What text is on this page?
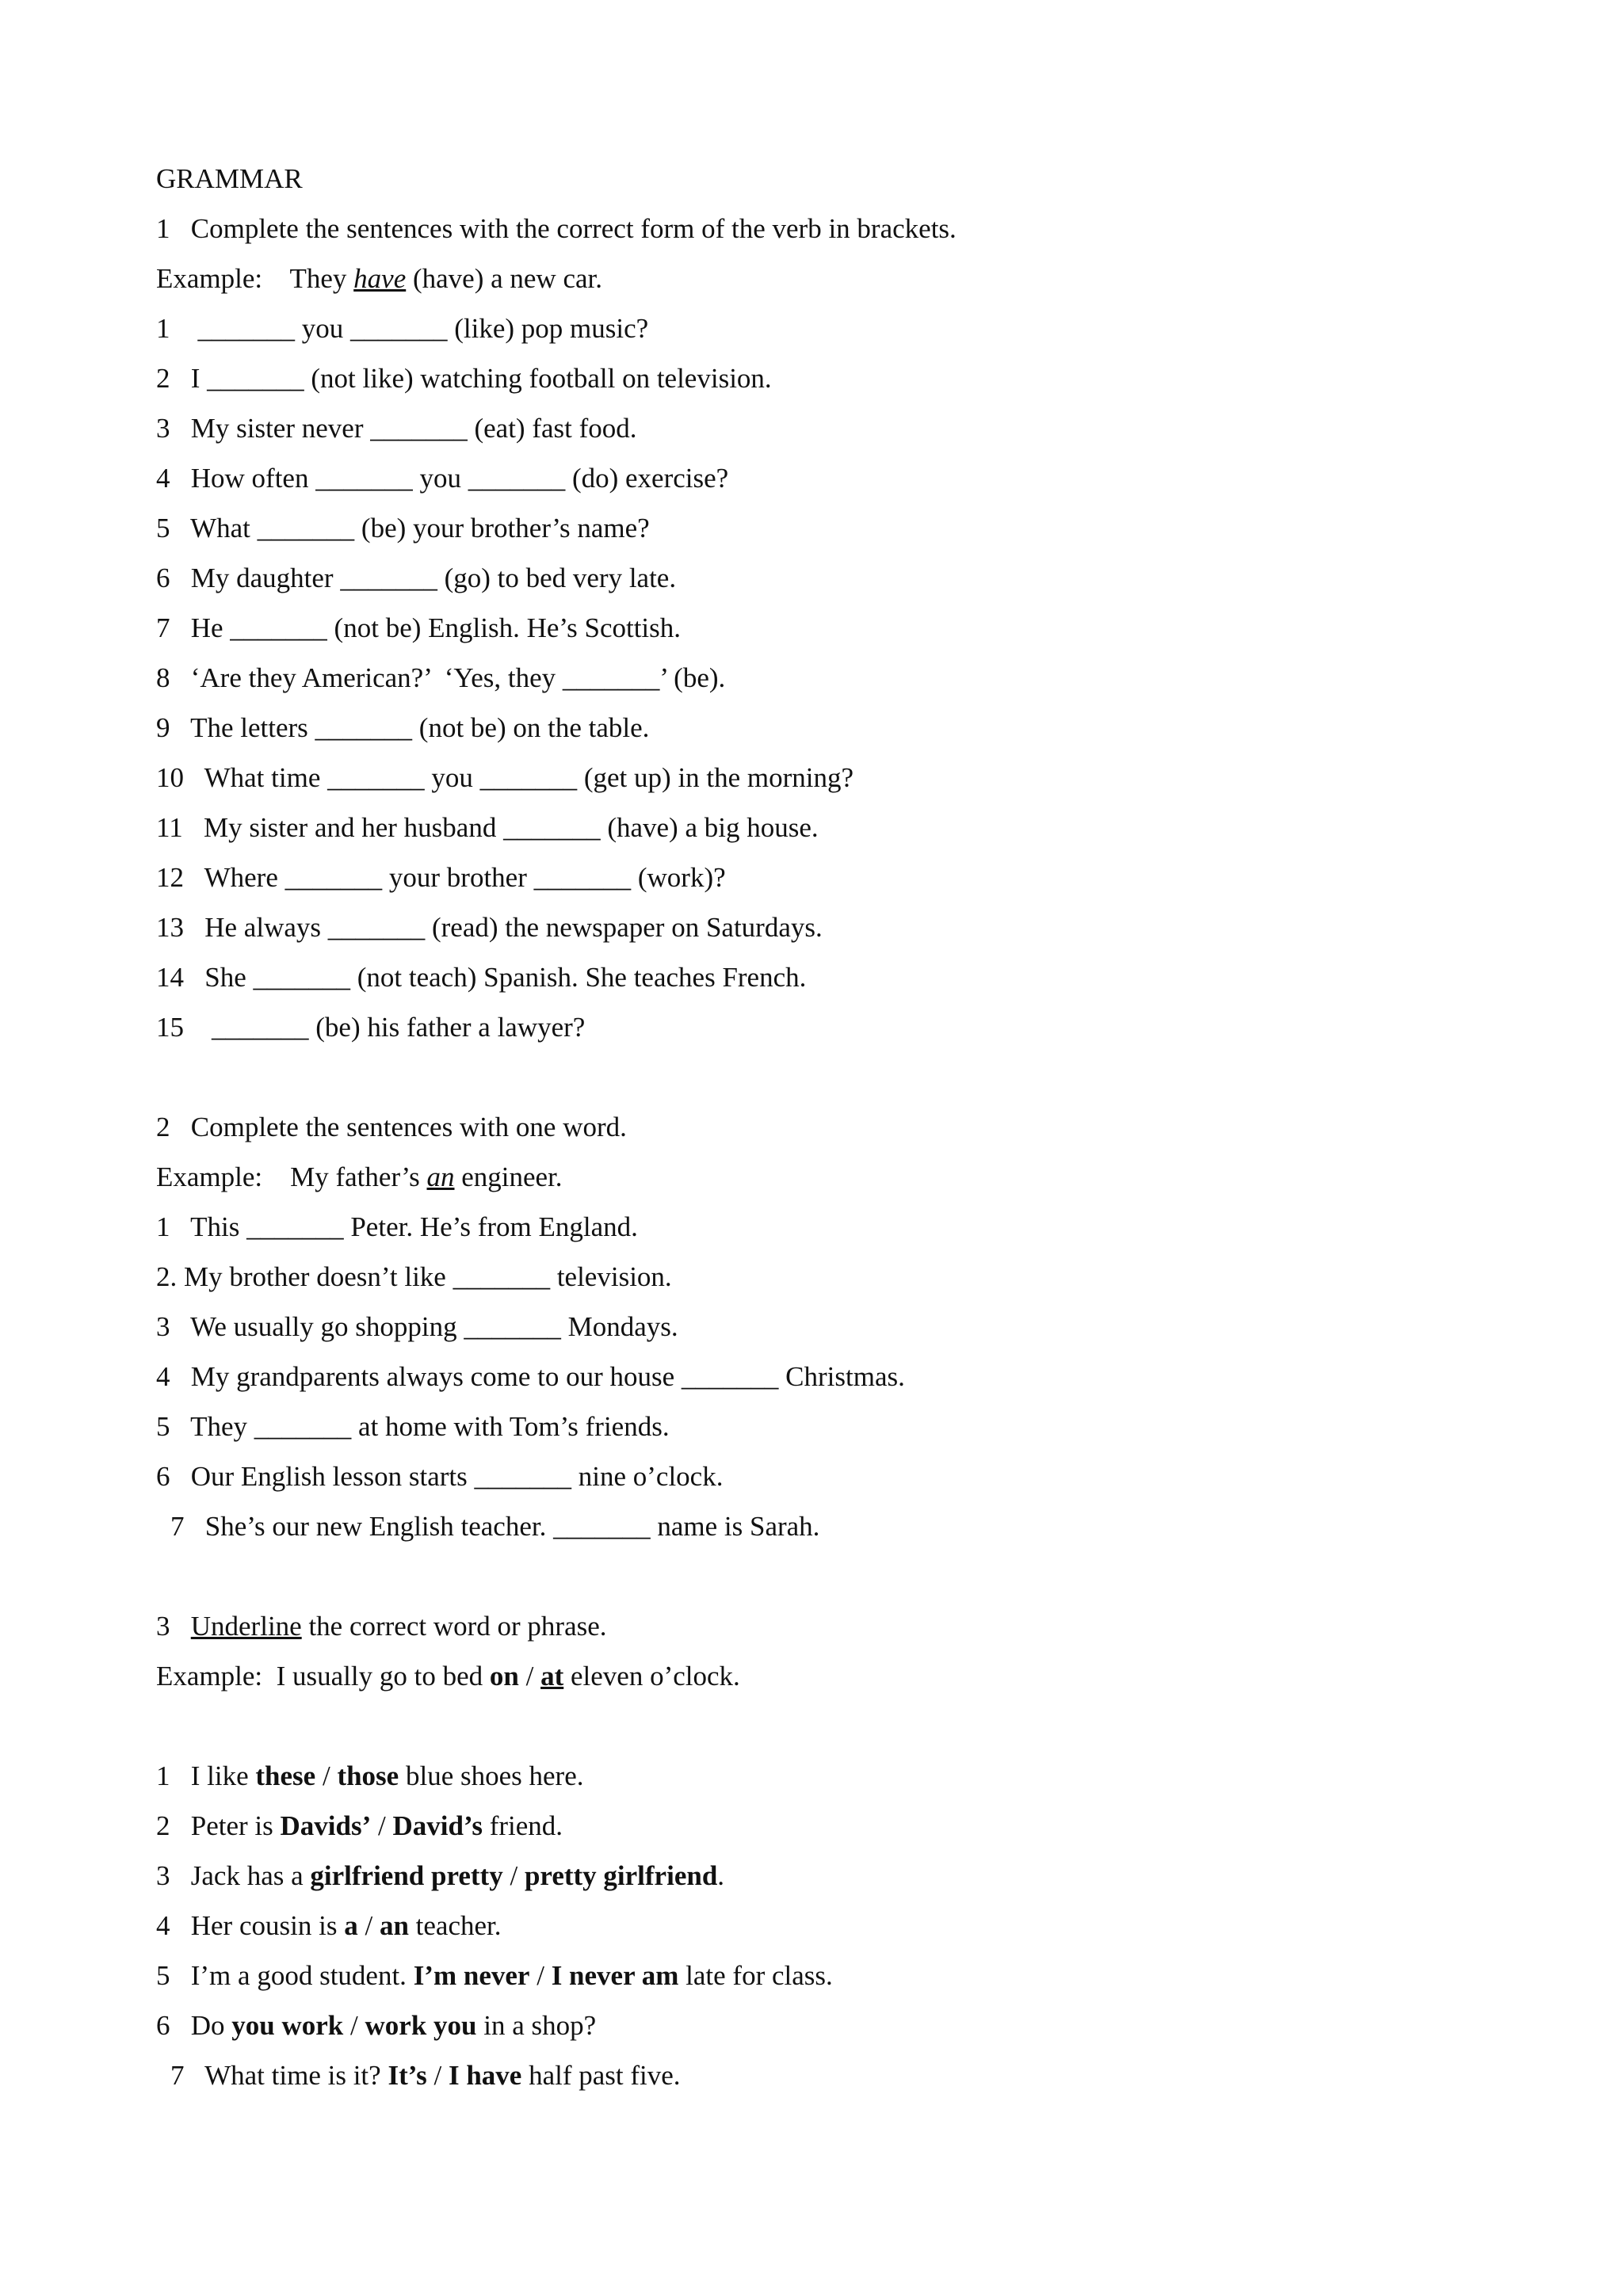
GRAMMAR
1   Complete the sentences with the correct form of the verb in brackets.
Example:    They have (have) a new car.
1    _______ you _______ (like) pop music?
2   I _______ (not like) watching football on television.
3   My sister never _______ (eat) fast food.
4   How often _______ you _______ (do) exercise?
5   What _______ (be) your brother’s name?
6   My daughter _______ (go) to bed very late.
7   He _______ (not be) English. He’s Scottish.
8   ‘Are they American?’  ‘Yes, they _______’ (be).
9   The letters _______ (not be) on the table.
10   What time _______ you _______ (get up) in the morning?
11   My sister and her husband _______ (have) a big house.
12   Where _______ your brother _______ (work)?
13   He always _______ (read) the newspaper on Saturdays.
14   She _______ (not teach) Spanish. She teaches French.
15    _______ (be) his father a lawyer?
2   Complete the sentences with one word.
Example:    My father’s an engineer.
1   This _______ Peter. He’s from England.
2. My brother doesn’t like _______ television.
3   We usually go shopping _______ Mondays.
4   My grandparents always come to our house _______ Christmas.
5   They _______ at home with Tom’s friends.
6   Our English lesson starts _______ nine o’clock.
7   She’s our new English teacher. _______ name is Sarah.
3   Underline the correct word or phrase.
Example:  I usually go to bed on / at eleven o’clock.
1   I like these / those blue shoes here.
2   Peter is Davids’ / David’s friend.
3   Jack has a girlfriend pretty / pretty girlfriend.
4   Her cousin is a / an teacher.
5   I’m a good student. I’m never / I never am late for class.
6   Do you work / work you in a shop?
7   What time is it? It’s / I have half past five.
